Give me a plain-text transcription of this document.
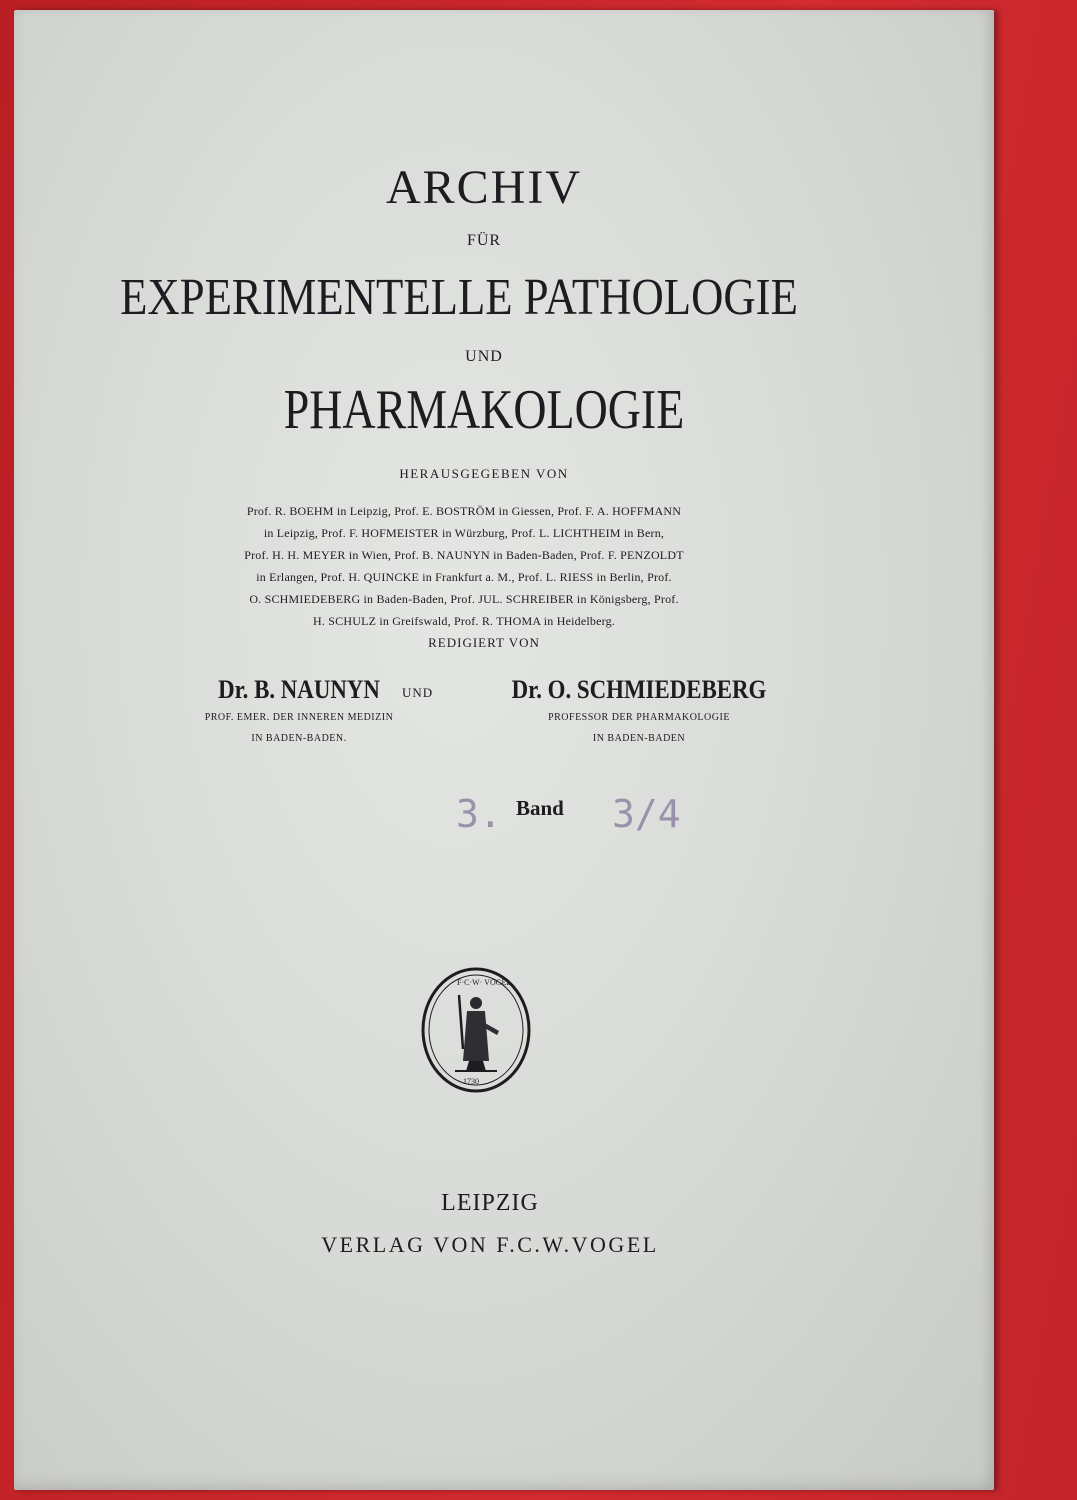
ARCHIV
FÜR
EXPERIMENTELLE PATHOLOGIE
UND
PHARMAKOLOGIE
HERAUSGEGEBEN VON
Prof. R. BOEHM in Leipzig, Prof. E. BOSTRÖM in Giessen, Prof. F. A. HOFFMANN
in Leipzig, Prof. F. HOFMEISTER in Würzburg, Prof. L. LICHTHEIM in Bern,
Prof. H. H. MEYER in Wien, Prof. B. NAUNYN in Baden-Baden, Prof. F. PENZOLDT
in Erlangen, Prof. H. QUINCKE in Frankfurt a. M., Prof. L. RIESS in Berlin, Prof.
O. SCHMIEDEBERG in Baden-Baden, Prof. JUL. SCHREIBER in Königsberg, Prof.
H. SCHULZ in Greifswald, Prof. R. THOMA in Heidelberg.
REDIGIERT VON
Dr. B. NAUNYN
PROF. EMER. DER INNEREN MEDIZIN
IN BADEN-BADEN.
UND	Dr. O. SCHMIEDEBERG
PROFESSOR DER PHARMAKOLOGIE
IN BADEN-BADEN
3. Band 3/4
F·C·W· VOGEL
1730
LEIPZIG
VERLAG VON F.C.W.VOGEL
